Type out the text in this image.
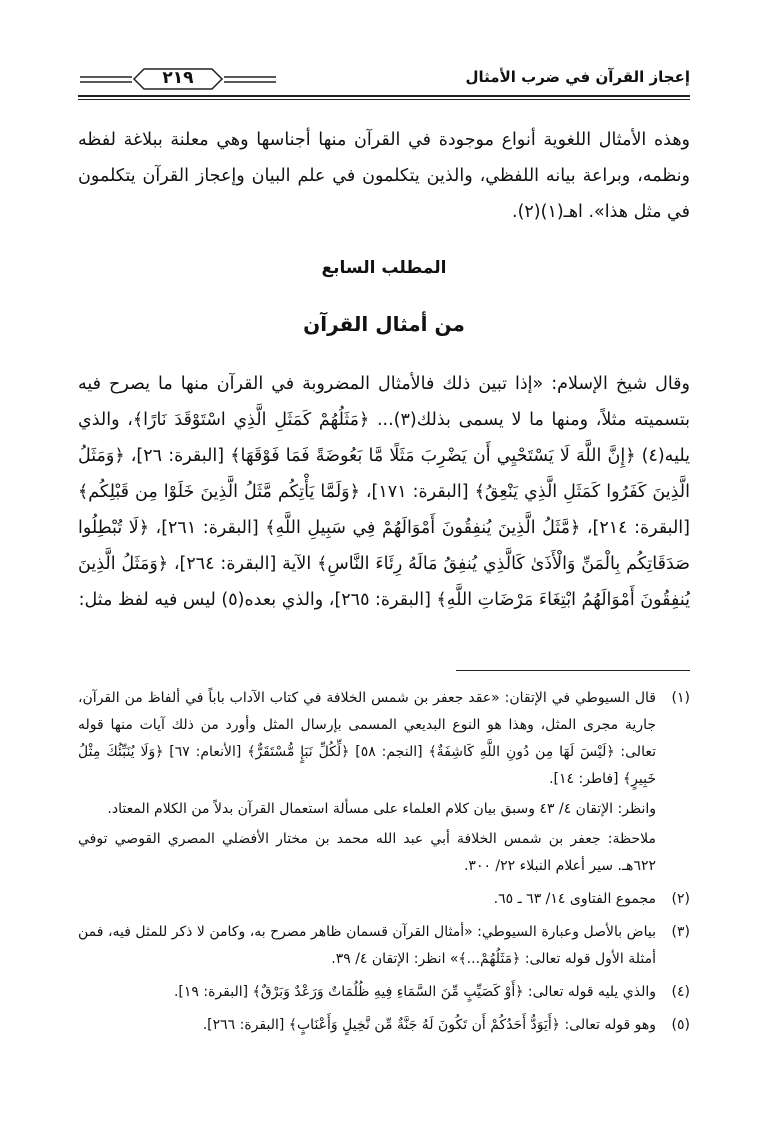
إعجاز القرآن في ضرب الأمثال
٢١٩

وهذه الأمثال اللغوية أنواع موجودة في القرآن منها أجناسها وهي معلنة ببلاغة لفظه ونظمه، وبراعة بيانه اللفظي، والذين يتكلمون في علم البيان وإعجاز القرآن يتكلمون في مثل هذا». اهـ(١)(٢).

المطلب السابع
من أمثال القرآن

وقال شيخ الإسلام: «إذا تبين ذلك فالأمثال المضروبة في القرآن منها ما يصرح فيه بتسميته مثلاً، ومنها ما لا يسمى بذلك(٣)... ﴿مَثَلُهُمْ كَمَثَلِ الَّذِي اسْتَوْقَدَ نَارًا﴾، والذي يليه(٤) ﴿إِنَّ اللَّهَ لَا يَسْتَحْيِي أَن يَضْرِبَ مَثَلًا مَّا بَعُوضَةً فَمَا فَوْقَهَا﴾ [البقرة: ٢٦]، ﴿وَمَثَلُ الَّذِينَ كَفَرُوا كَمَثَلِ الَّذِي يَنْعِقُ﴾ [البقرة: ١٧١]، ﴿وَلَمَّا يَأْتِكُم مَّثَلُ الَّذِينَ خَلَوْا مِن قَبْلِكُم﴾ [البقرة: ٢١٤]، ﴿مَّثَلُ الَّذِينَ يُنفِقُونَ أَمْوَالَهُمْ فِي سَبِيلِ اللَّهِ﴾ [البقرة: ٢٦١]، ﴿لَا تُبْطِلُوا صَدَقَاتِكُم بِالْمَنِّ وَالْأَذَىٰ كَالَّذِي يُنفِقُ مَالَهُ رِئَاءَ النَّاسِ﴾ الآية [البقرة: ٢٦٤]، ﴿وَمَثَلُ الَّذِينَ يُنفِقُونَ أَمْوَالَهُمُ ابْتِغَاءَ مَرْضَاتِ اللَّهِ﴾ [البقرة: ٢٦٥]، والذي بعده(٥) ليس فيه لفظ مثل:

(١)

قال السيوطي في الإتقان: «عقد جعفر بن شمس الخلافة في كتاب الآداب باباً في ألفاظ من القرآن، جارية مجرى المثل، وهذا هو النوع البديعي المسمى بإرسال المثل وأورد من ذلك آيات منها قوله تعالى: ﴿لَيْسَ لَهَا مِن دُونِ اللَّهِ كَاشِفَةٌ﴾ [النجم: ٥٨] ﴿لِّكُلِّ نَبَإٍ مُّسْتَقَرٌّ﴾ [الأنعام: ٦٧] ﴿وَلَا يُنَبِّئُكَ مِثْلُ خَبِيرٍ﴾ [فاطر: ١٤].

وانظر: الإتقان ٤/ ٤٣ وسبق بيان كلام العلماء على مسألة استعمال القرآن بدلاً من الكلام المعتاد.

ملاحظة: جعفر بن شمس الخلافة أبي عبد الله محمد بن مختار الأفضلي المصري القوصي توفي ٦٢٢هـ. سير أعلام النبلاء ٢٢/ ٣٠٠.

(٢)

مجموع الفتاوى ١٤/ ٦٣ ـ ٦٥.

(٣)

بياض بالأصل وعبارة السيوطي: «أمثال القرآن قسمان ظاهر مصرح به، وكامن لا ذكر للمثل فيه، فمن أمثلة الأول قوله تعالى: ﴿مَثَلُهُمْ...﴾» انظر: الإتقان ٤/ ٣٩.

(٤)

والذي يليه قوله تعالى: ﴿أَوْ كَصَيِّبٍ مِّنَ السَّمَاءِ فِيهِ ظُلُمَاتٌ وَرَعْدٌ وَبَرْقٌ﴾ [البقرة: ١٩].

(٥)

وهو قوله تعالى: ﴿أَيَوَدُّ أَحَدُكُمْ أَن تَكُونَ لَهُ جَنَّةٌ مِّن نَّخِيلٍ وَأَعْنَابٍ﴾ [البقرة: ٢٦٦].
